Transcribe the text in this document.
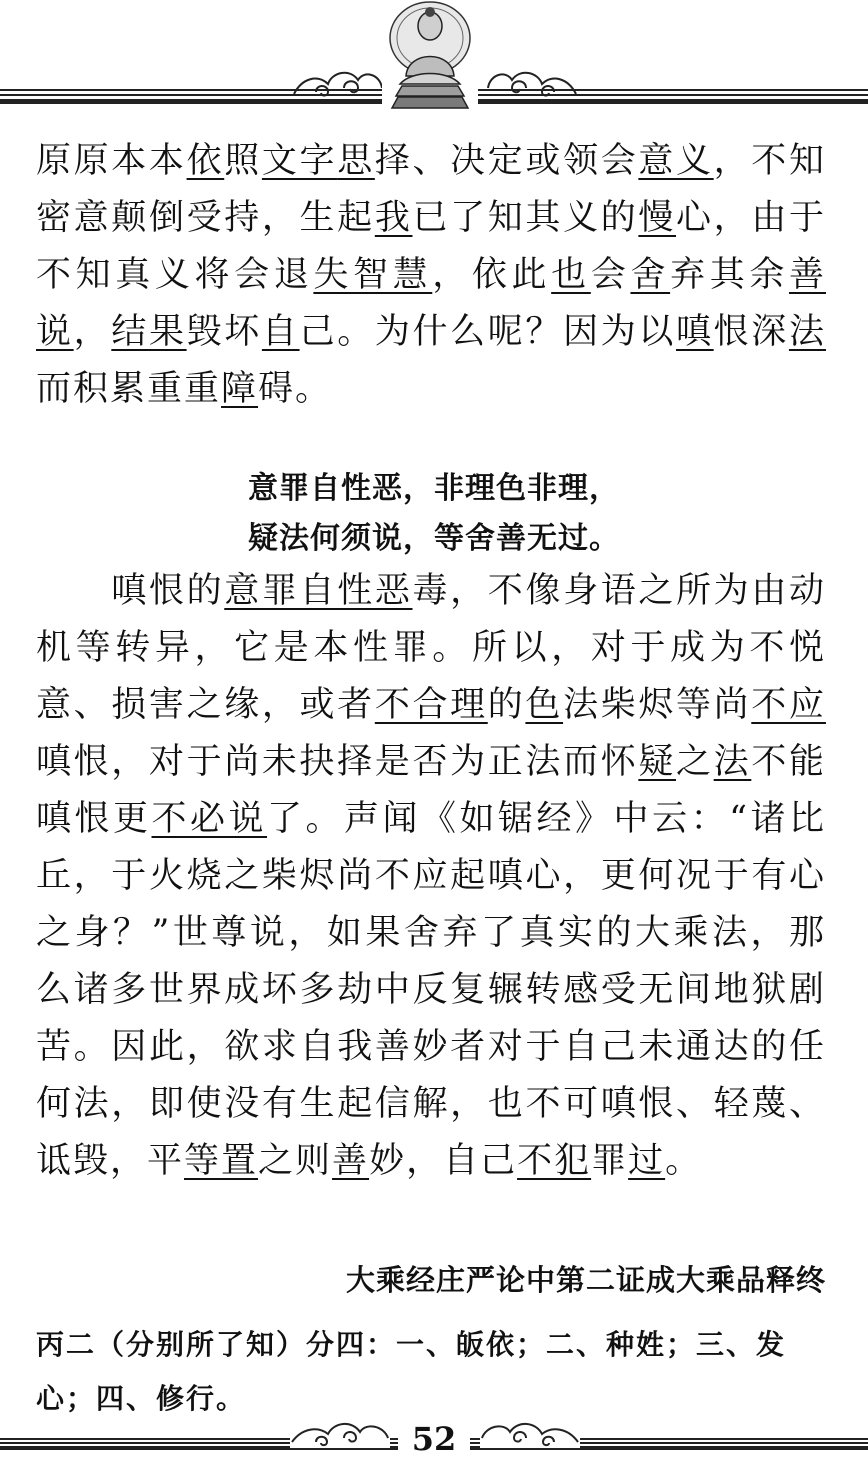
原原本本依照文字思择、决定或领会意义，不知密意颠倒受持，生起我已了知其义的慢心，由于不知真义将会退失智慧，依此也会舍弃其余善说，结果毁坏自己。为什么呢？因为以嗔恨深法而积累重重障碍。

意罪自性恶，非理色非理，
疑法何须说，等舍善无过。

　　嗔恨的意罪自性恶毒，不像身语之所为由动机等转异，它是本性罪。所以，对于成为不悦意、损害之缘，或者不合理的色法柴烬等尚不应嗔恨，对于尚未抉择是否为正法而怀疑之法不能嗔恨更不必说了。声闻《如锯经》中云：“诸比丘，于火烧之柴烬尚不应起嗔心，更何况于有心之身？”世尊说，如果舍弃了真实的大乘法，那么诸多世界成坏多劫中反复辗转感受无间地狱剧苦。因此，欲求自我善妙者对于自己未通达的任何法，即使没有生起信解，也不可嗔恨、轻蔑、诋毁，平等置之则善妙，自己不犯罪过。

大乘经庄严论中第二证成大乘品释终

丙二（分别所了知）分四：一、皈依；二、种姓；三、发心；四、修行。

52
